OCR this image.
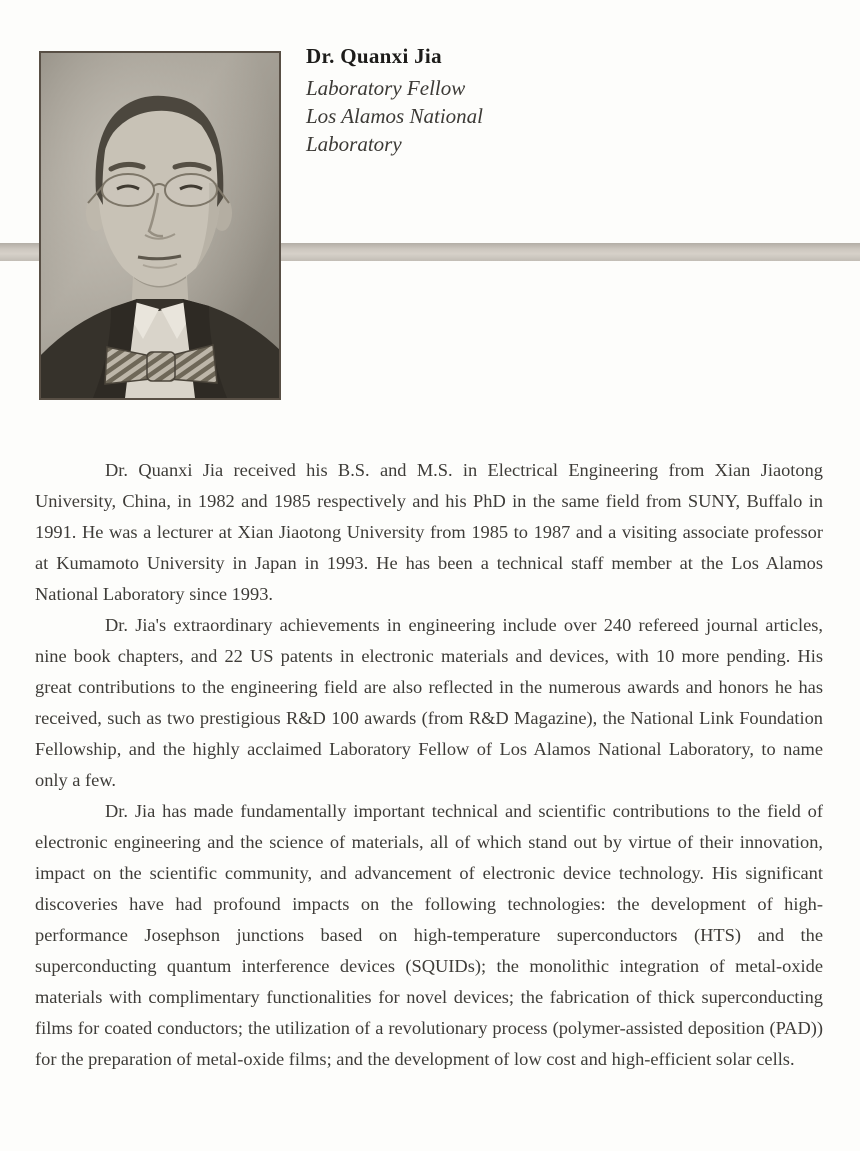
Dr. Quanxi Jia
Laboratory Fellow
Los Alamos National
Laboratory

Dr. Quanxi Jia received his B.S. and M.S. in Electrical Engineering from Xian Jiaotong University, China, in 1982 and 1985 respectively and his PhD in the same field from SUNY, Buffalo in 1991. He was a lecturer at Xian Jiaotong University from 1985 to 1987 and a visiting associate professor at Kumamoto University in Japan in 1993. He has been a technical staff member at the Los Alamos National Laboratory since 1993.

Dr. Jia's extraordinary achievements in engineering include over 240 refereed journal articles, nine book chapters, and 22 US patents in electronic materials and devices, with 10 more pending. His great contributions to the engineering field are also reflected in the numerous awards and honors he has received, such as two prestigious R&D 100 awards (from R&D Magazine), the National Link Foundation Fellowship, and the highly acclaimed Laboratory Fellow of Los Alamos National Laboratory, to name only a few.

Dr. Jia has made fundamentally important technical and scientific contributions to the field of electronic engineering and the science of materials, all of which stand out by virtue of their innovation, impact on the scientific community, and advancement of electronic device technology. His significant discoveries have had profound impacts on the following technologies: the development of high-performance Josephson junctions based on high-temperature superconductors (HTS) and the superconducting quantum interference devices (SQUIDs); the monolithic integration of metal-oxide materials with complimentary functionalities for novel devices; the fabrication of thick superconducting films for coated conductors; the utilization of a revolutionary process (polymer-assisted deposition (PAD)) for the preparation of metal-oxide films; and the development of low cost and high-efficient solar cells.
